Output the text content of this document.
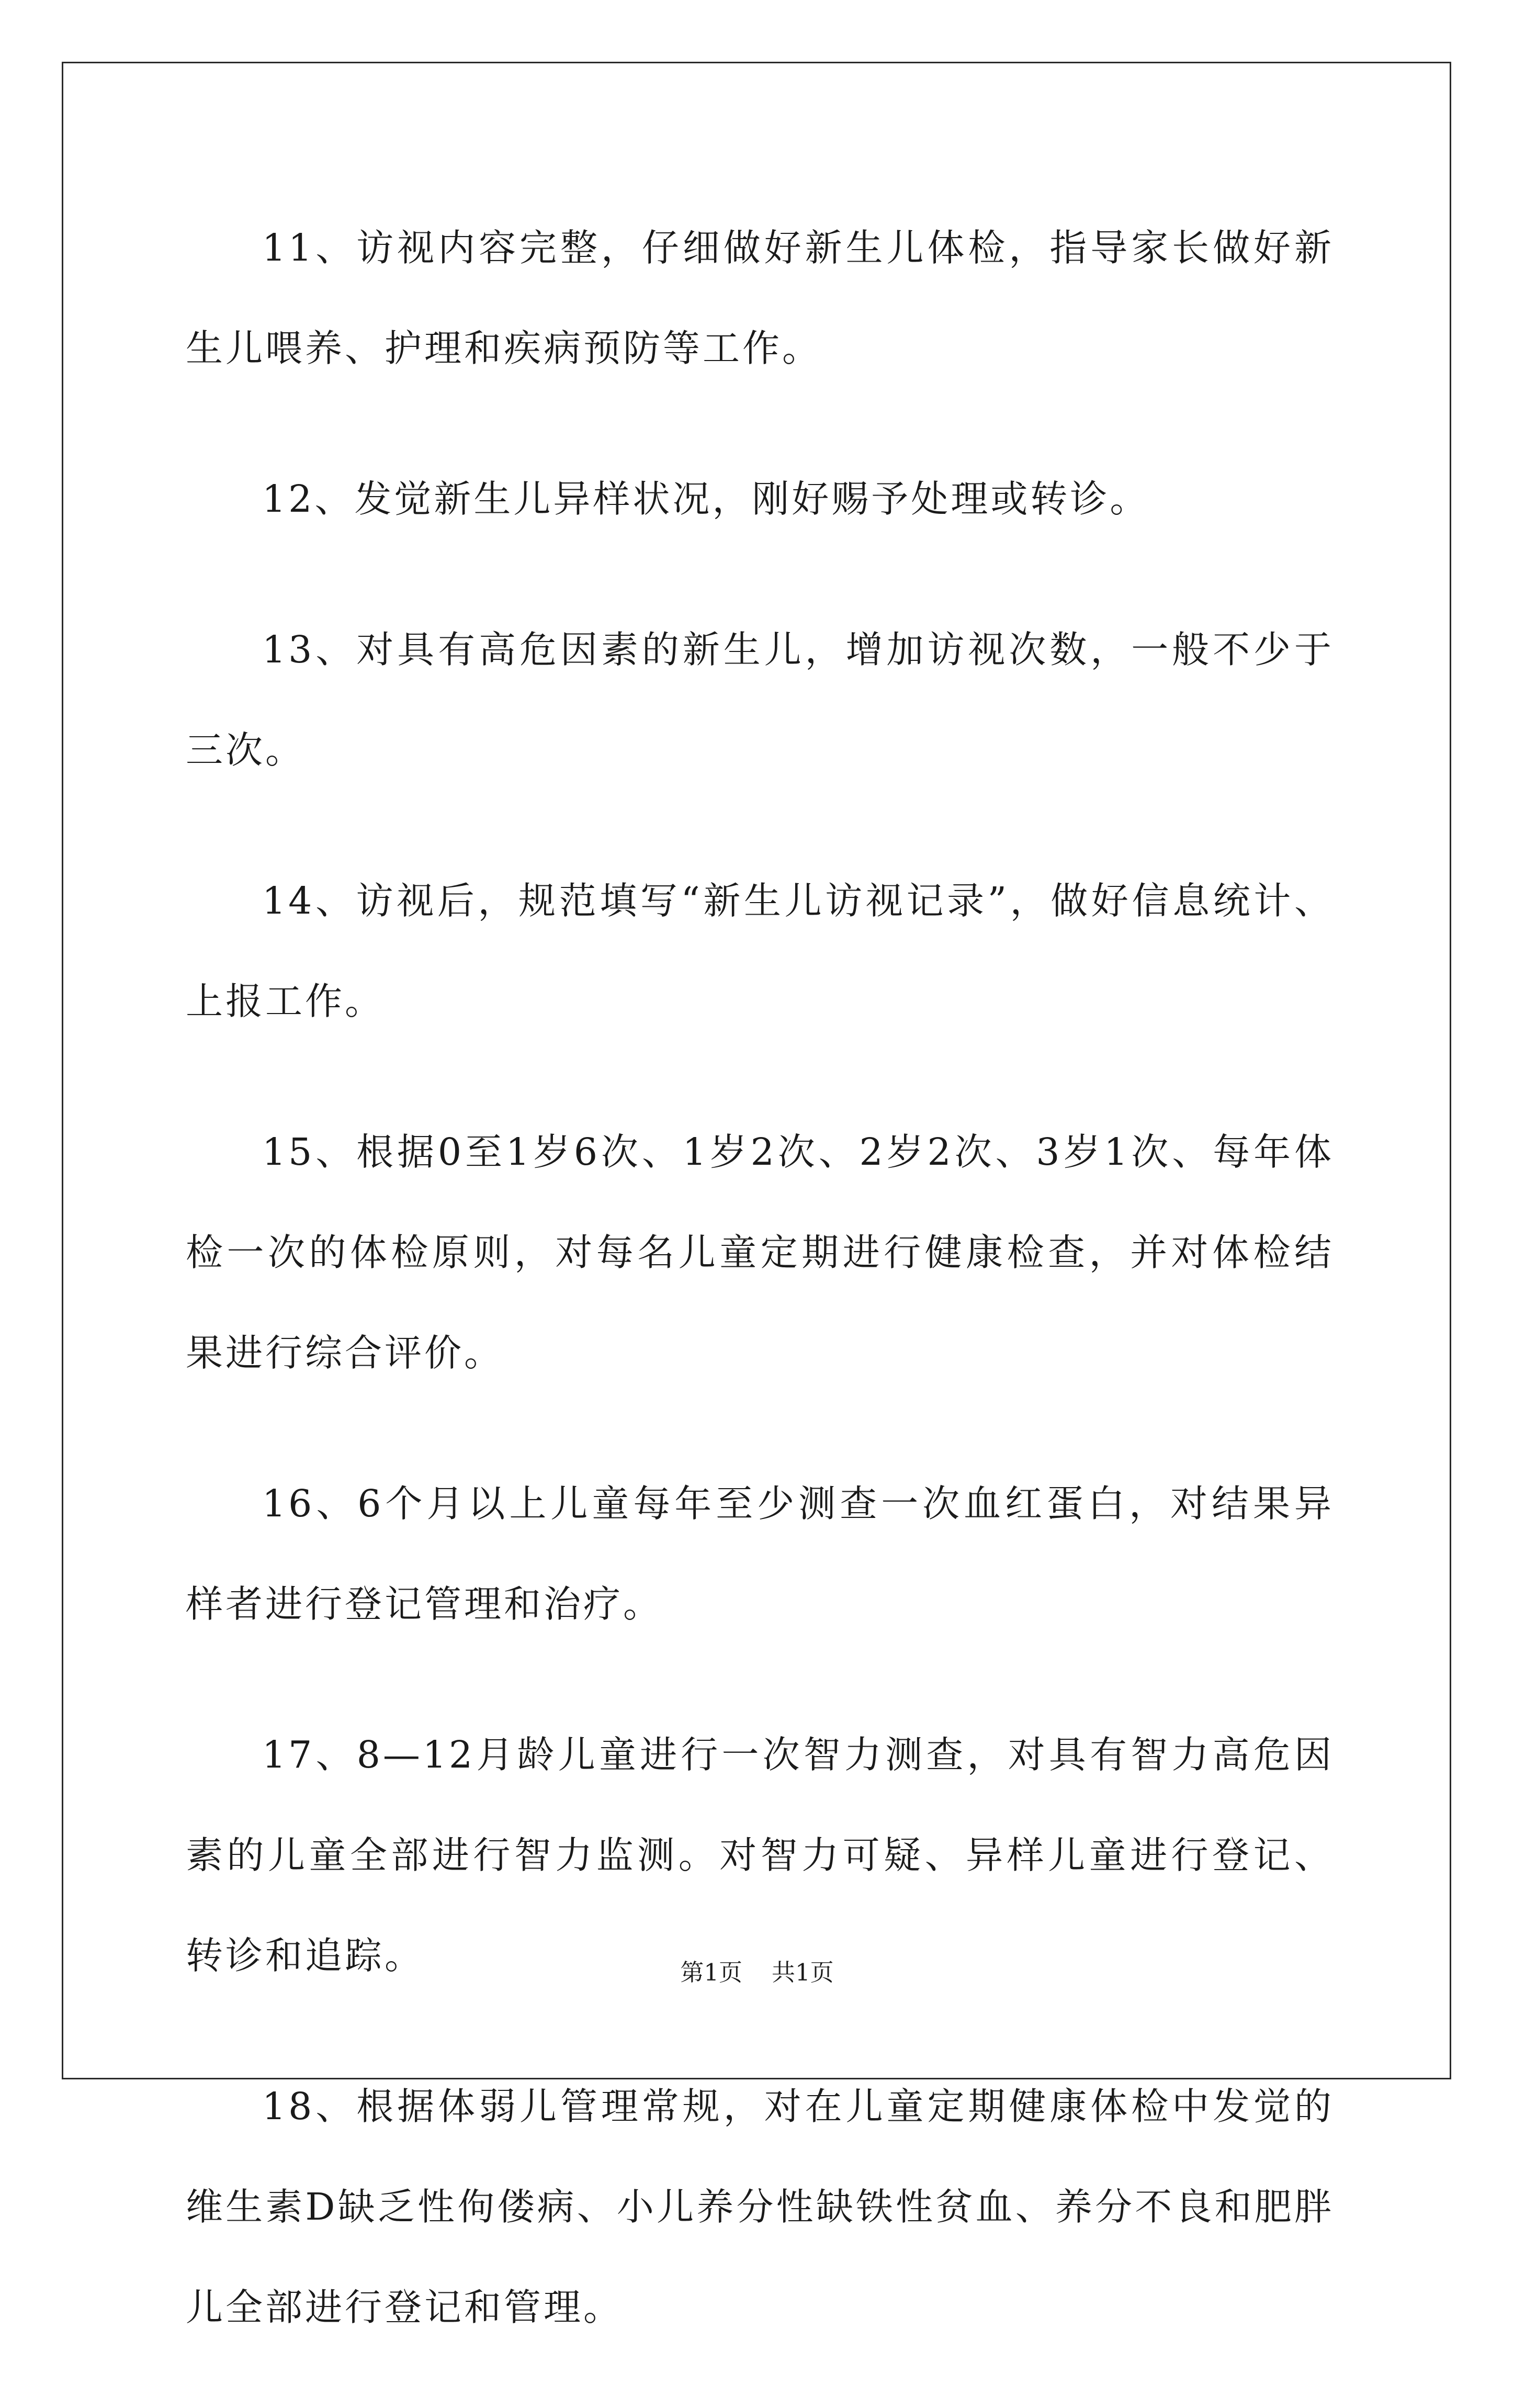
11、访视内容完整，仔细做好新生儿体检，指导家长做好新生儿喂养、护理和疾病预防等工作。

12、发觉新生儿异样状况，刚好赐予处理或转诊。

13、对具有高危因素的新生儿，增加访视次数，一般不少于三次。

14、访视后，规范填写“新生儿访视记录”，做好信息统计、上报工作。

15、根据0至1岁6次、1岁2次、2岁2次、3岁1次、每年体检一次的体检原则，对每名儿童定期进行健康检查，并对体检结果进行综合评价。

16、6个月以上儿童每年至少测查一次血红蛋白，对结果异样者进行登记管理和治疗。

17、8—12月龄儿童进行一次智力测查，对具有智力高危因素的儿童全部进行智力监测。对智力可疑、异样儿童进行登记、转诊和追踪。

18、根据体弱儿管理常规，对在儿童定期健康体检中发觉的维生素D缺乏性佝偻病、小儿养分性缺铁性贫血、养分不良和肥胖儿全部进行登记和管理。

第1页 共1页
